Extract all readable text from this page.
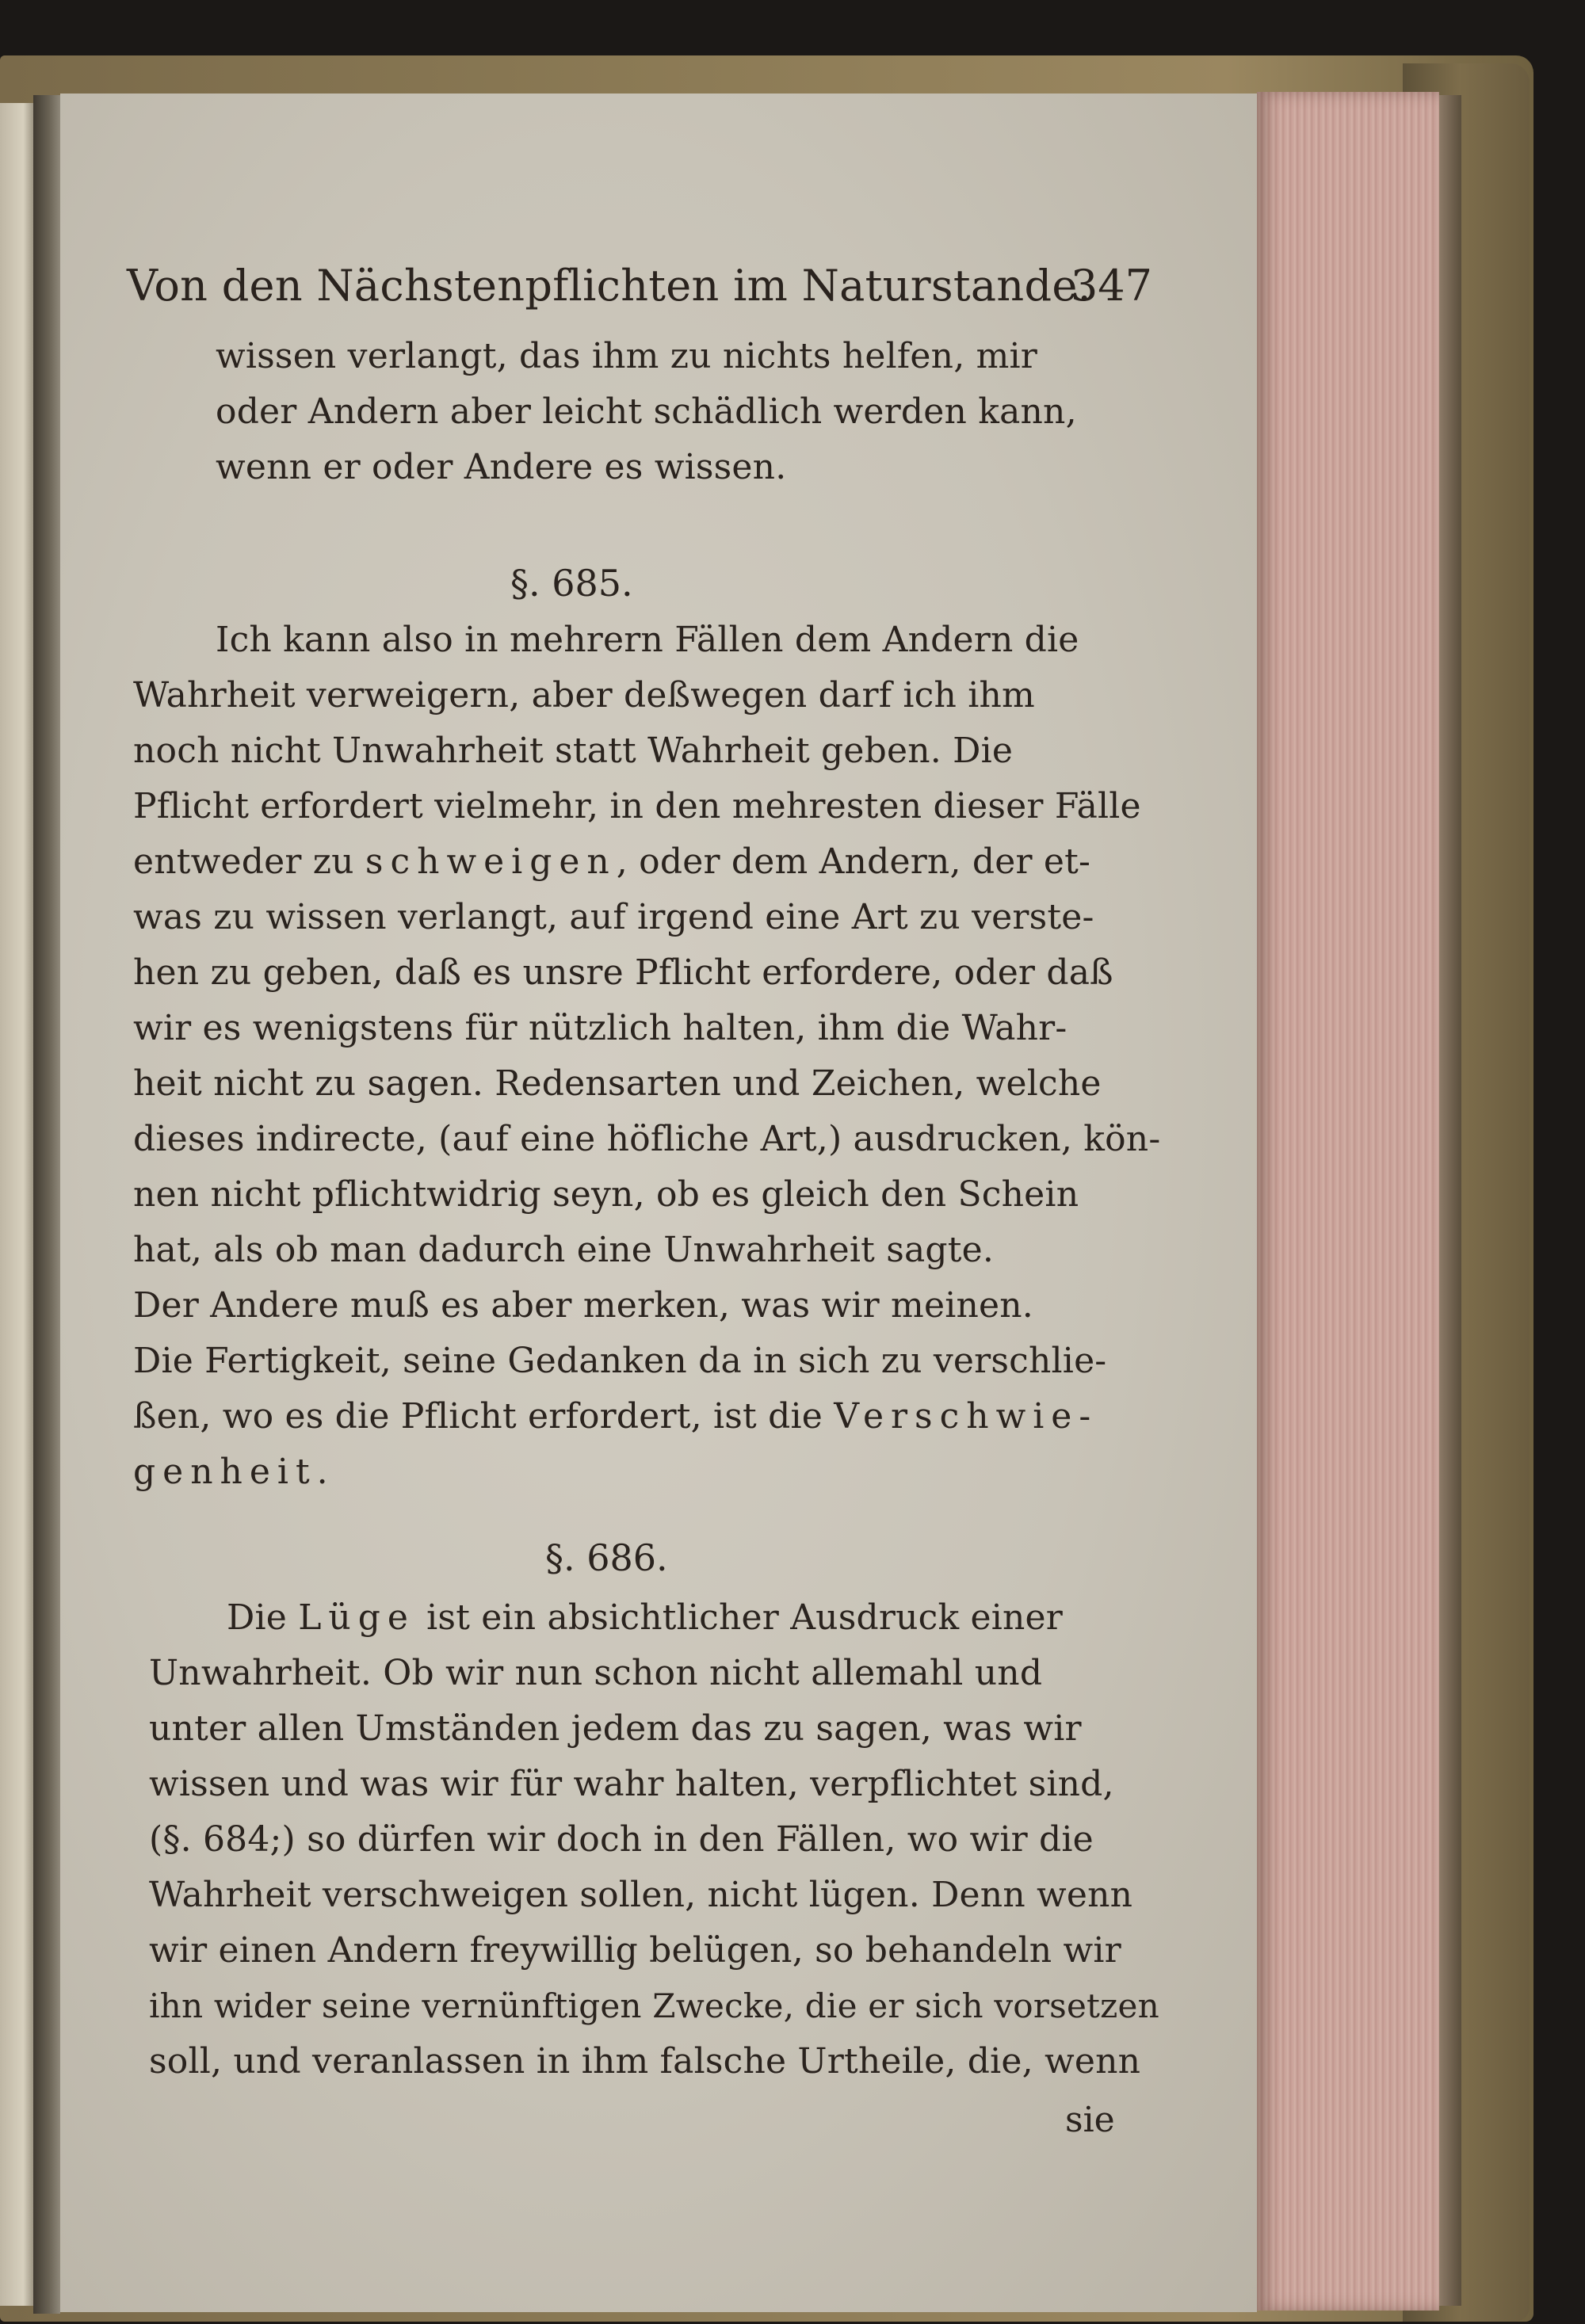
Von den Nächstenpflichten im Naturstande.
347
wissen verlangt, das ihm zu nichts helfen, mir
oder Andern aber leicht schädlich werden kann,
wenn er oder Andere es wissen.
§. 685.
Ich kann also in mehrern Fällen dem Andern die
Wahrheit verweigern, aber deßwegen darf ich ihm
noch nicht Unwahrheit statt Wahrheit geben. Die
Pflicht erfordert vielmehr, in den mehresten dieser Fälle
entweder zu schweigen, oder dem Andern, der et-
was zu wissen verlangt, auf irgend eine Art zu verste-
hen zu geben, daß es unsre Pflicht erfordere, oder daß
wir es wenigstens für nützlich halten, ihm die Wahr-
heit nicht zu sagen. Redensarten und Zeichen, welche
dieses indirecte, (auf eine höfliche Art,) ausdrucken, kön-
nen nicht pflichtwidrig seyn, ob es gleich den Schein
hat, als ob man dadurch eine Unwahrheit sagte.
Der Andere muß es aber merken, was wir meinen.
Die Fertigkeit, seine Gedanken da in sich zu verschlie-
ßen, wo es die Pflicht erfordert, ist die Verschwie-
genheit.
§. 686.
Die Lüge ist ein absichtlicher Ausdruck einer
Unwahrheit. Ob wir nun schon nicht allemahl und
unter allen Umständen jedem das zu sagen, was wir
wissen und was wir für wahr halten, verpflichtet sind,
(§. 684;) so dürfen wir doch in den Fällen, wo wir die
Wahrheit verschweigen sollen, nicht lügen. Denn wenn
wir einen Andern freywillig belügen, so behandeln wir
ihn wider seine vernünftigen Zwecke, die er sich vorsetzen
soll, und veranlassen in ihm falsche Urtheile, die, wenn
sie
